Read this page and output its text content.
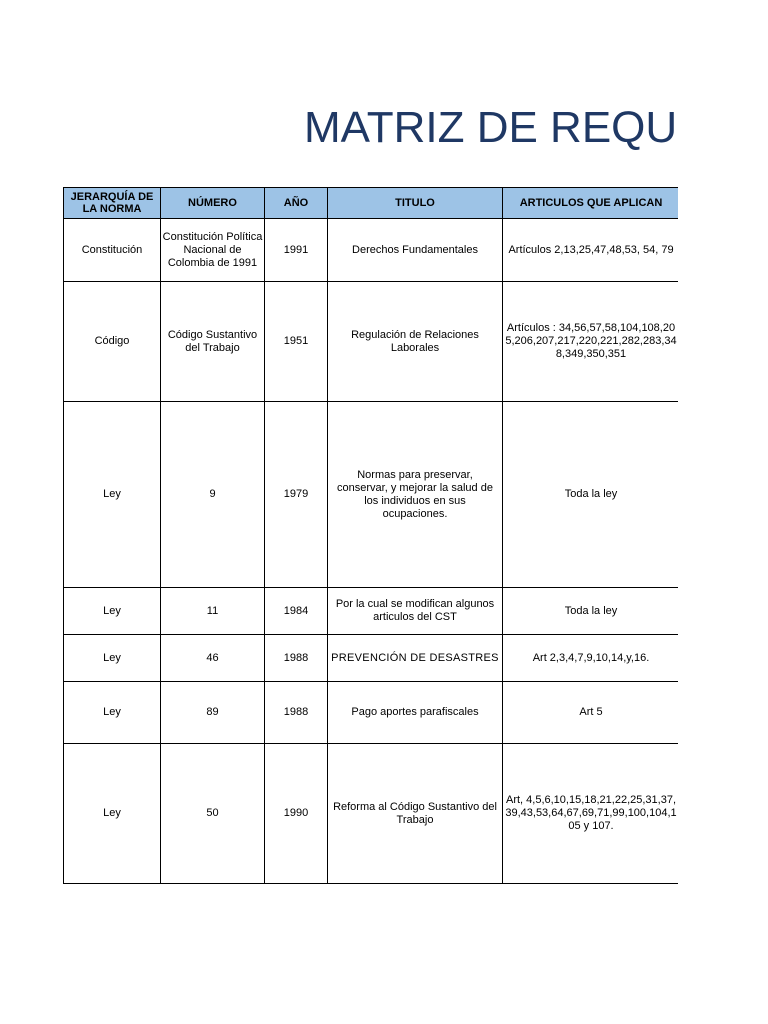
MATRIZ DE REQU
JERARQUÍA DE LA NORMA	NÚMERO	AÑO	TITULO	ARTICULOS QUE APLICAN
Constitución	Constitución Política Nacional de Colombia de 1991	1991	Derechos Fundamentales	Artículos 2,13,25,47,48,53, 54, 79
Código	Código Sustantivo del Trabajo	1951	Regulación de Relaciones Laborales	Artículos : 34,56,57,58,104,108,205,206,207,217,220,221,282,283,348,349,350,351
Ley	9	1979	Normas para preservar, conservar, y mejorar la salud de los individuos en sus ocupaciones.	Toda la ley
Ley	11	1984	Por la cual se modifican algunos articulos del CST	Toda la ley
Ley	46	1988	PREVENCIÓN DE DESASTRES	Art 2,3,4,7,9,10,14,y,16.
Ley	89	1988	Pago aportes parafiscales	Art 5
Ley	50	1990	Reforma al Código Sustantivo del Trabajo	Art, 4,5,6,10,15,18,21,22,25,31,37,39,43,53,64,67,69,71,99,100,104,105 y 107.
